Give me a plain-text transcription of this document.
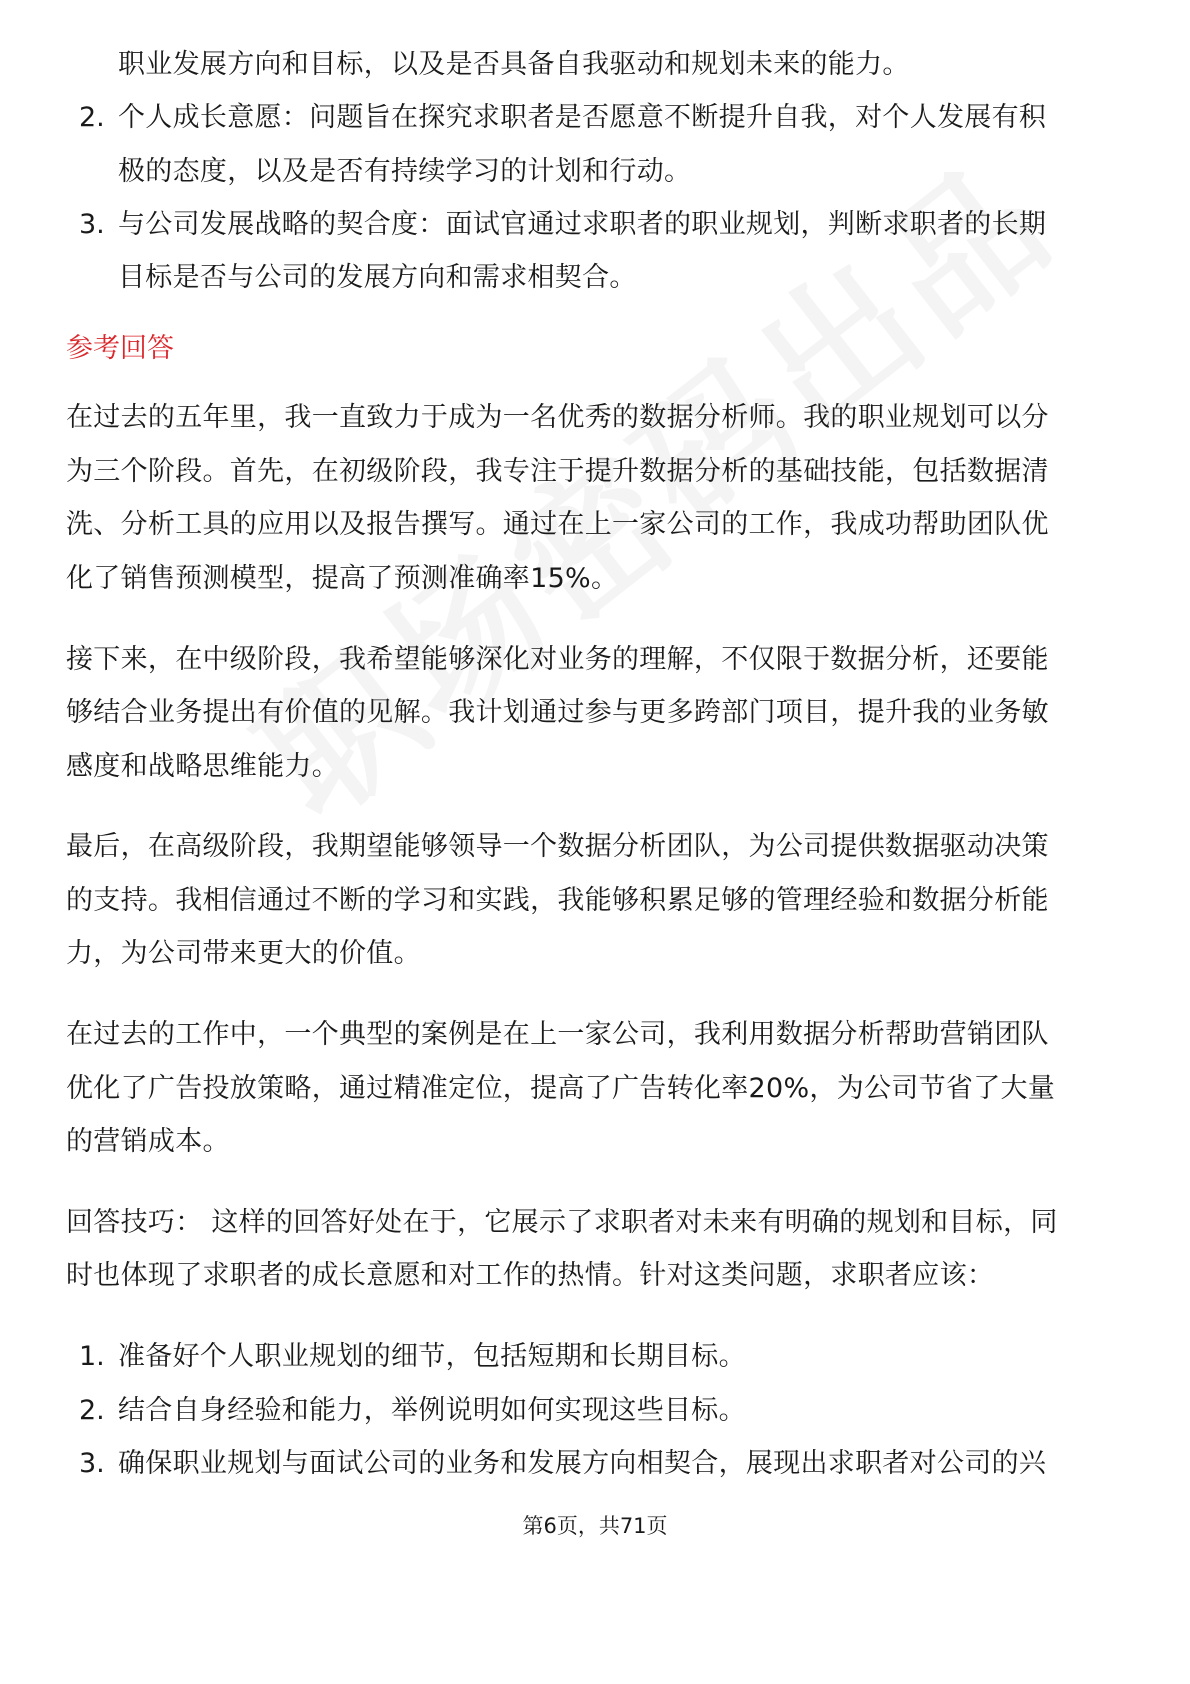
职业发展方向和目标，以及是否具备自我驱动和规划未来的能力。
2. 个人成长意愿：问题旨在探究求职者是否愿意不断提升自我，对个人发展有积
极的态度，以及是否有持续学习的计划和行动。
3. 与公司发展战略的契合度：面试官通过求职者的职业规划，判断求职者的长期
目标是否与公司的发展方向和需求相契合。
参考回答
在过去的五年里，我一直致力于成为一名优秀的数据分析师。我的职业规划可以分
为三个阶段。首先，在初级阶段，我专注于提升数据分析的基础技能，包括数据清
洗、分析工具的应用以及报告撰写。通过在上一家公司的工作，我成功帮助团队优
化了销售预测模型，提高了预测准确率15%。
接下来，在中级阶段，我希望能够深化对业务的理解，不仅限于数据分析，还要能
够结合业务提出有价值的见解。我计划通过参与更多跨部门项目，提升我的业务敏
感度和战略思维能力。
最后，在高级阶段，我期望能够领导一个数据分析团队，为公司提供数据驱动决策
的支持。我相信通过不断的学习和实践，我能够积累足够的管理经验和数据分析能
力，为公司带来更大的价值。
在过去的工作中，一个典型的案例是在上一家公司，我利用数据分析帮助营销团队
优化了广告投放策略，通过精准定位，提高了广告转化率20%，为公司节省了大量
的营销成本。
回答技巧： 这样的回答好处在于，它展示了求职者对未来有明确的规划和目标，同
时也体现了求职者的成长意愿和对工作的热情。针对这类问题，求职者应该：
1. 准备好个人职业规划的细节，包括短期和长期目标。
2. 结合自身经验和能力，举例说明如何实现这些目标。
3. 确保职业规划与面试公司的业务和发展方向相契合，展现出求职者对公司的兴
第6页，共71页
